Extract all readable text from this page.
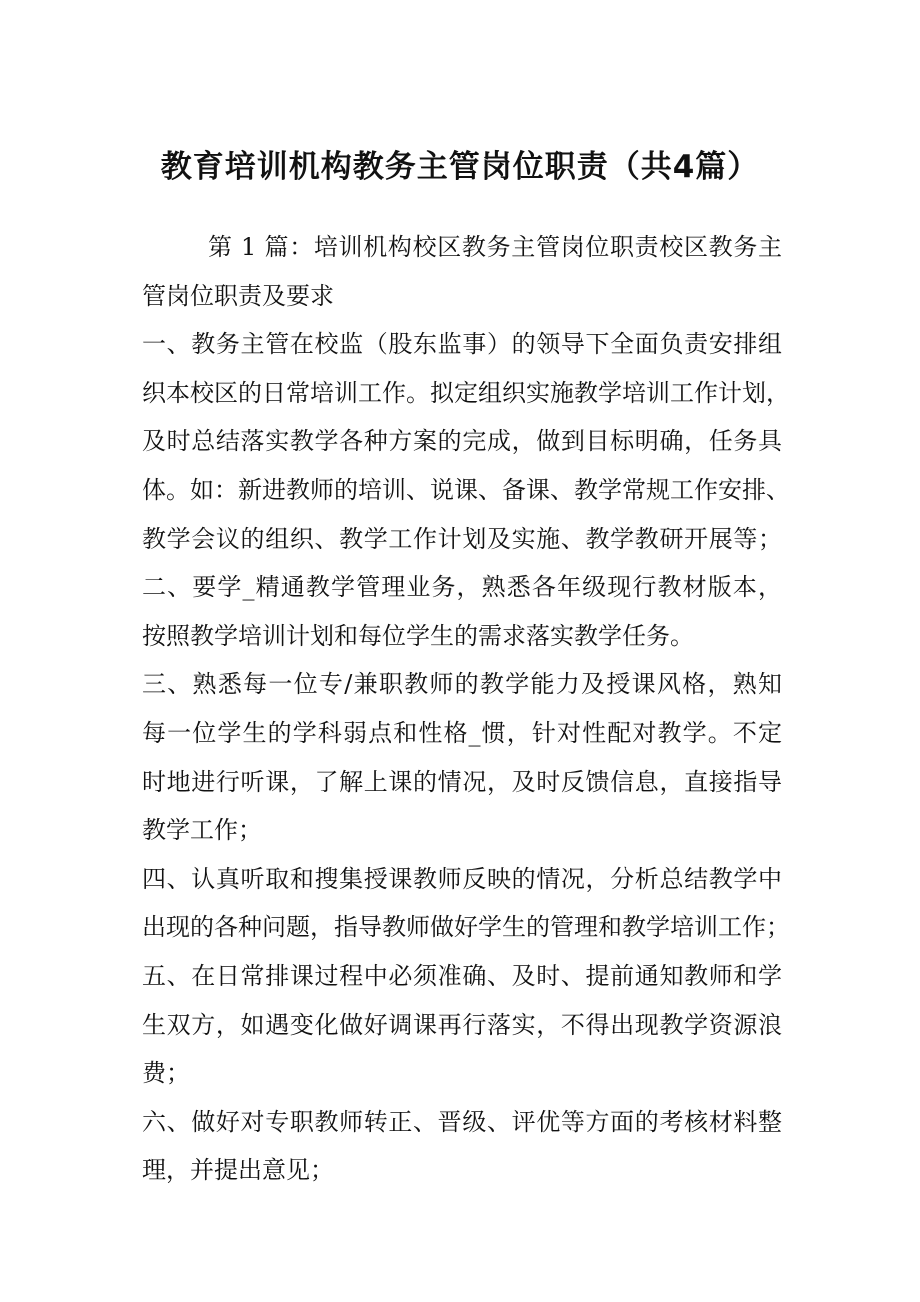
教育培训机构教务主管岗位职责（共4篇）

第 1 篇：培训机构校区教务主管岗位职责校区教务主

管岗位职责及要求

一、教务主管在校监（股东监事）的领导下全面负责安排组

织本校区的日常培训工作。拟定组织实施教学培训工作计划，

及时总结落实教学各种方案的完成，做到目标明确，任务具

体。如：新进教师的培训、说课、备课、教学常规工作安排、

教学会议的组织、教学工作计划及实施、教学教研开展等；

二、要学_精通教学管理业务，熟悉各年级现行教材版本，

按照教学培训计划和每位学生的需求落实教学任务。

三、熟悉每一位专/兼职教师的教学能力及授课风格，熟知

每一位学生的学科弱点和性格_惯，针对性配对教学。不定

时地进行听课，了解上课的情况，及时反馈信息，直接指导

教学工作；

四、认真听取和搜集授课教师反映的情况，分析总结教学中

出现的各种问题，指导教师做好学生的管理和教学培训工作；

五、在日常排课过程中必须准确、及时、提前通知教师和学

生双方，如遇变化做好调课再行落实，不得出现教学资源浪

费；

六、做好对专职教师转正、晋级、评优等方面的考核材料整

理，并提出意见；
